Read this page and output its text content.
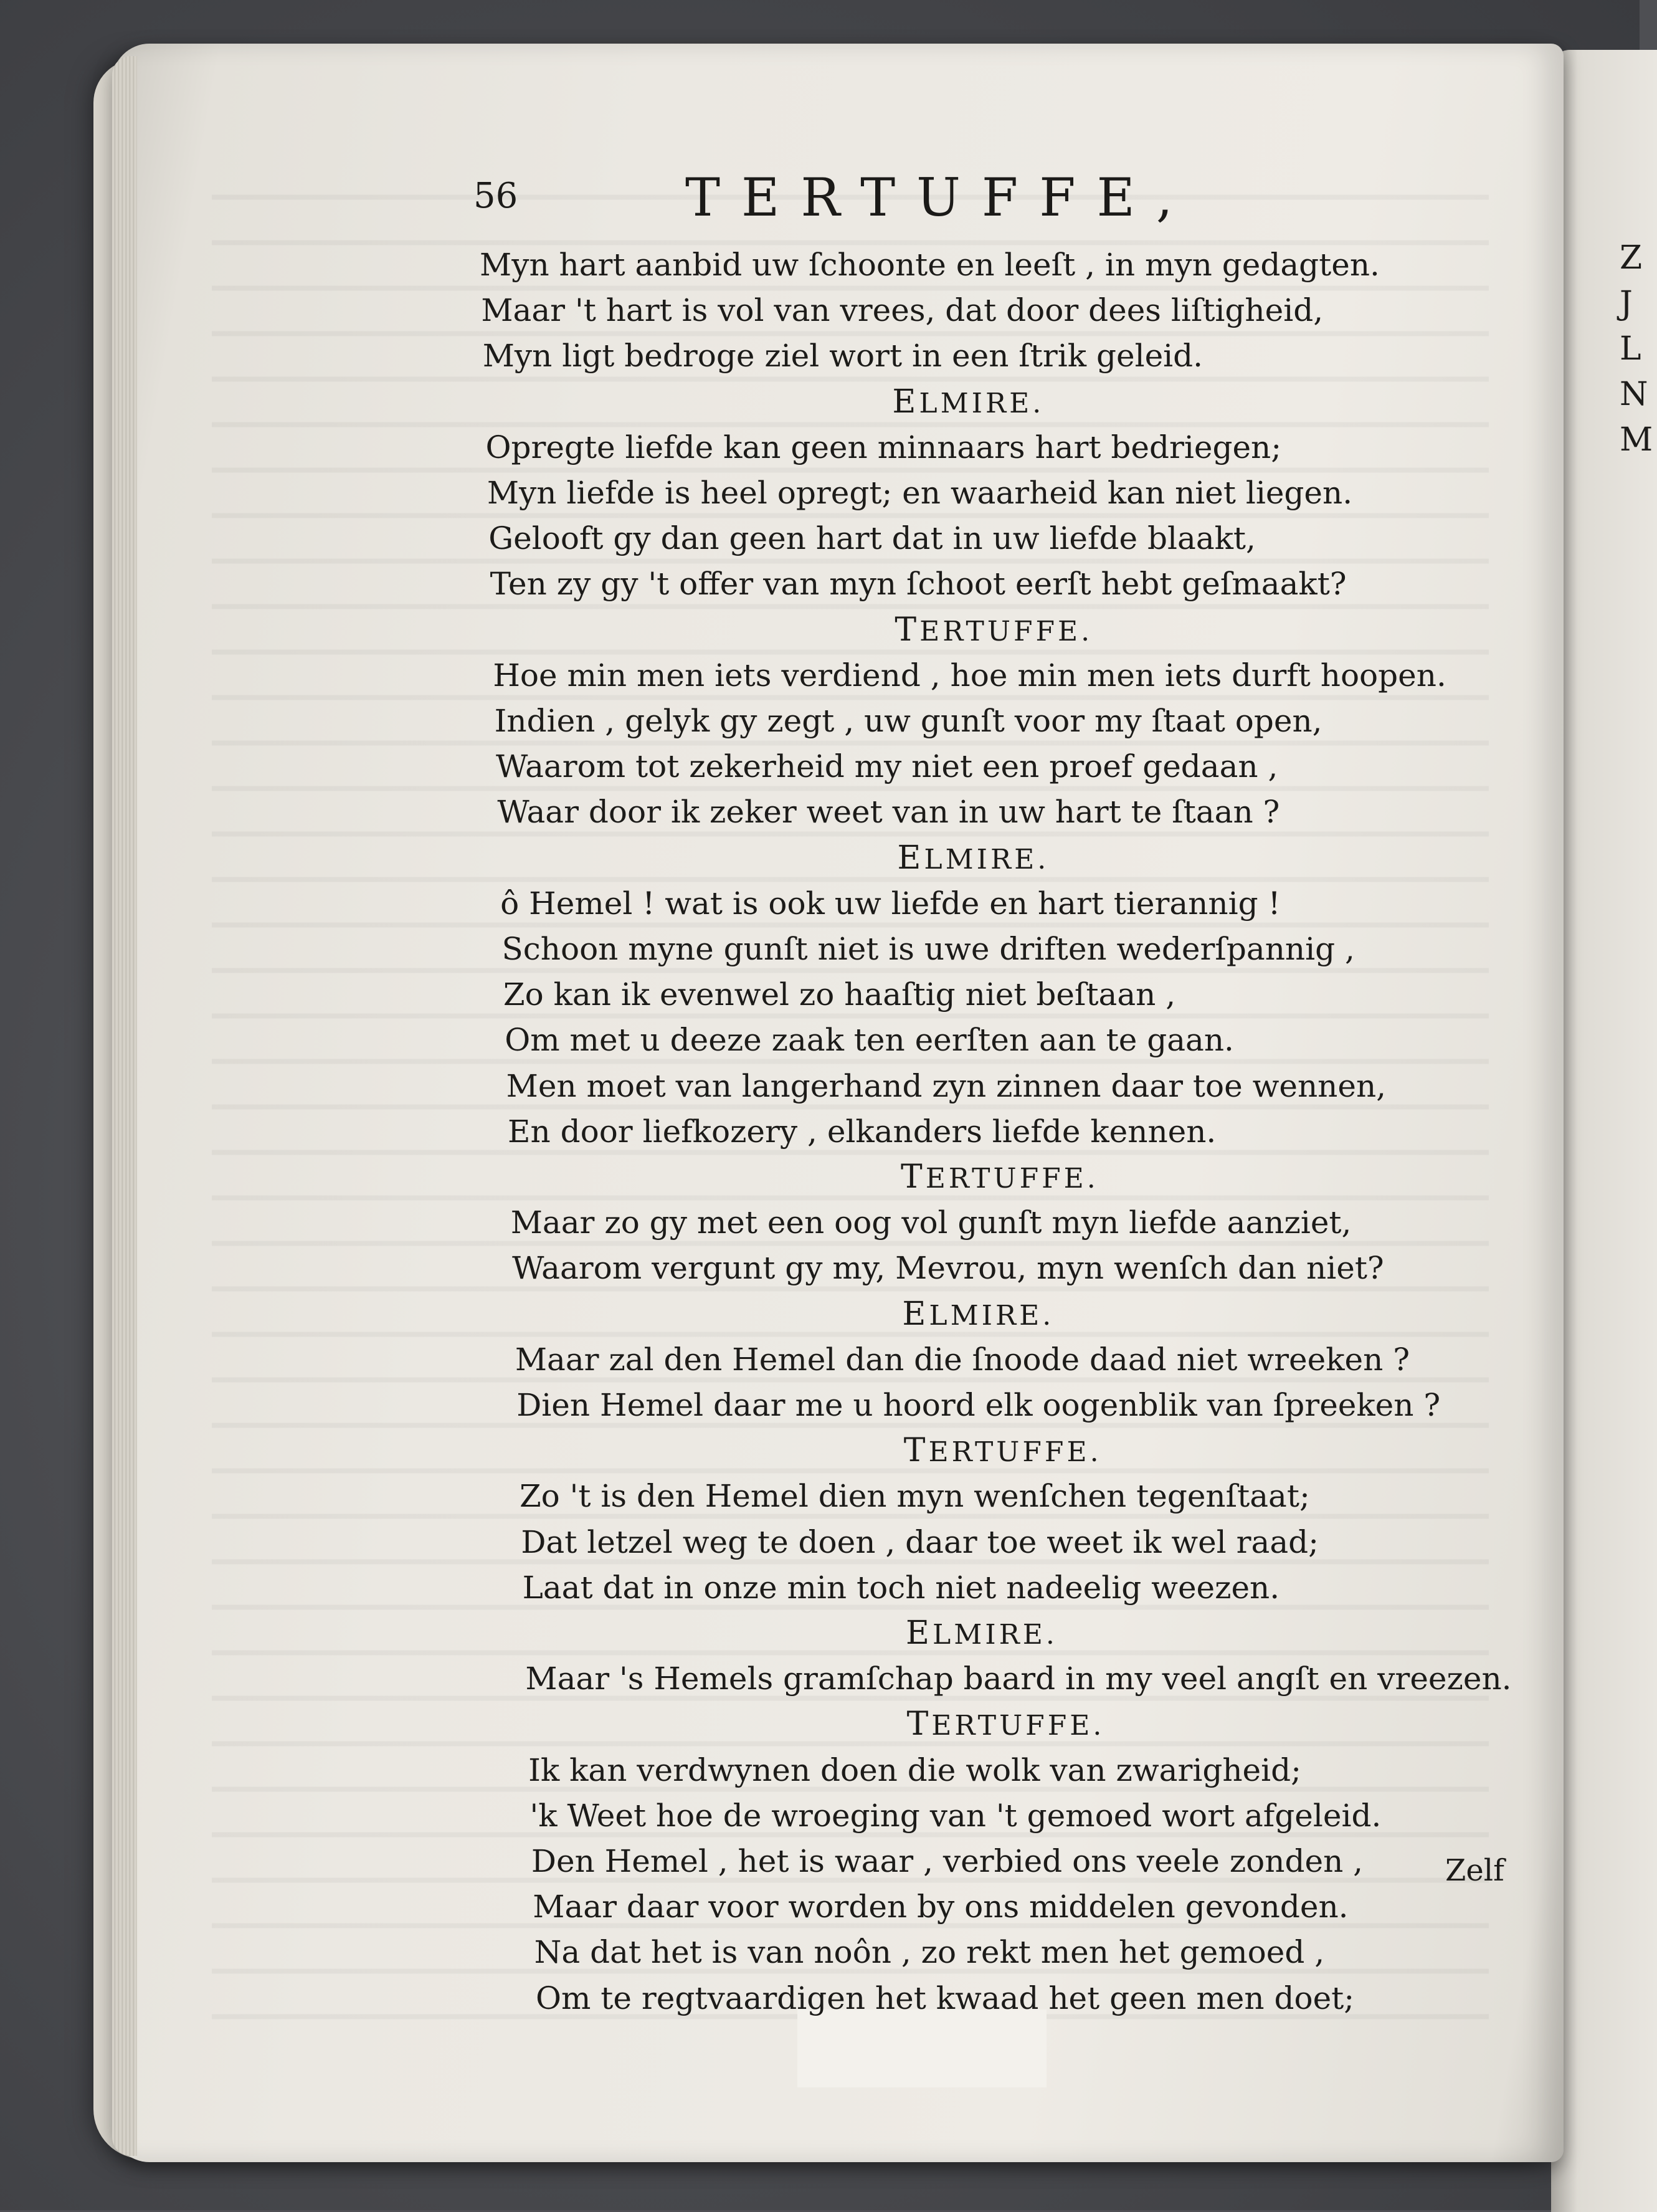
Z
J
L
N
M
56	TERTUFFE,
Myn hart aanbid uw ſchoonte en leeſt , in myn gedagten.
Maar 't hart is vol van vrees, dat door dees liſtigheid,
Myn ligt bedroge ziel wort in een ſtrik geleid.
ELMIRE.
Opregte liefde kan geen minnaars hart bedriegen;
Myn liefde is heel opregt; en waarheid kan niet liegen.
Gelooft gy dan geen hart dat in uw liefde blaakt,
Ten zy gy 't offer van myn ſchoot eerſt hebt geſmaakt?
TERTUFFE.
Hoe min men iets verdiend , hoe min men iets durft hoopen.
Indien , gelyk gy zegt , uw gunſt voor my ſtaat open,
Waarom tot zekerheid my niet een proef gedaan ,
Waar door ik zeker weet van in uw hart te ſtaan ?
ELMIRE.
ô Hemel ! wat is ook uw liefde en hart tierannig !
Schoon myne gunſt niet is uwe driften wederſpannig ,
Zo kan ik evenwel zo haaſtig niet beſtaan ,
Om met u deeze zaak ten eerſten aan te gaan.
Men moet van langerhand zyn zinnen daar toe wennen,
En door liefkozery , elkanders liefde kennen.
TERTUFFE.
Maar zo gy met een oog vol gunſt myn liefde aanziet,
Waarom vergunt gy my, Mevrou, myn wenſch dan niet?
ELMIRE.
Maar zal den Hemel dan die ſnoode daad niet wreeken ?
Dien Hemel daar me u hoord elk oogenblik van ſpreeken ?
TERTUFFE.
Zo 't is den Hemel dien myn wenſchen tegenſtaat;
Dat letzel weg te doen , daar toe weet ik wel raad;
Laat dat in onze min toch niet nadeelig weezen.
ELMIRE.
Maar 's Hemels gramſchap baard in my veel angſt en vreezen.
TERTUFFE.
Ik kan verdwynen doen die wolk van zwarigheid;
'k Weet hoe de wroeging van 't gemoed wort afgeleid.
Den Hemel , het is waar , verbied ons veele zonden ,
Maar daar voor worden by ons middelen gevonden.
Na dat het is van noôn , zo rekt men het gemoed ,
Om te regtvaardigen het kwaad het geen men doet;
Zelf
